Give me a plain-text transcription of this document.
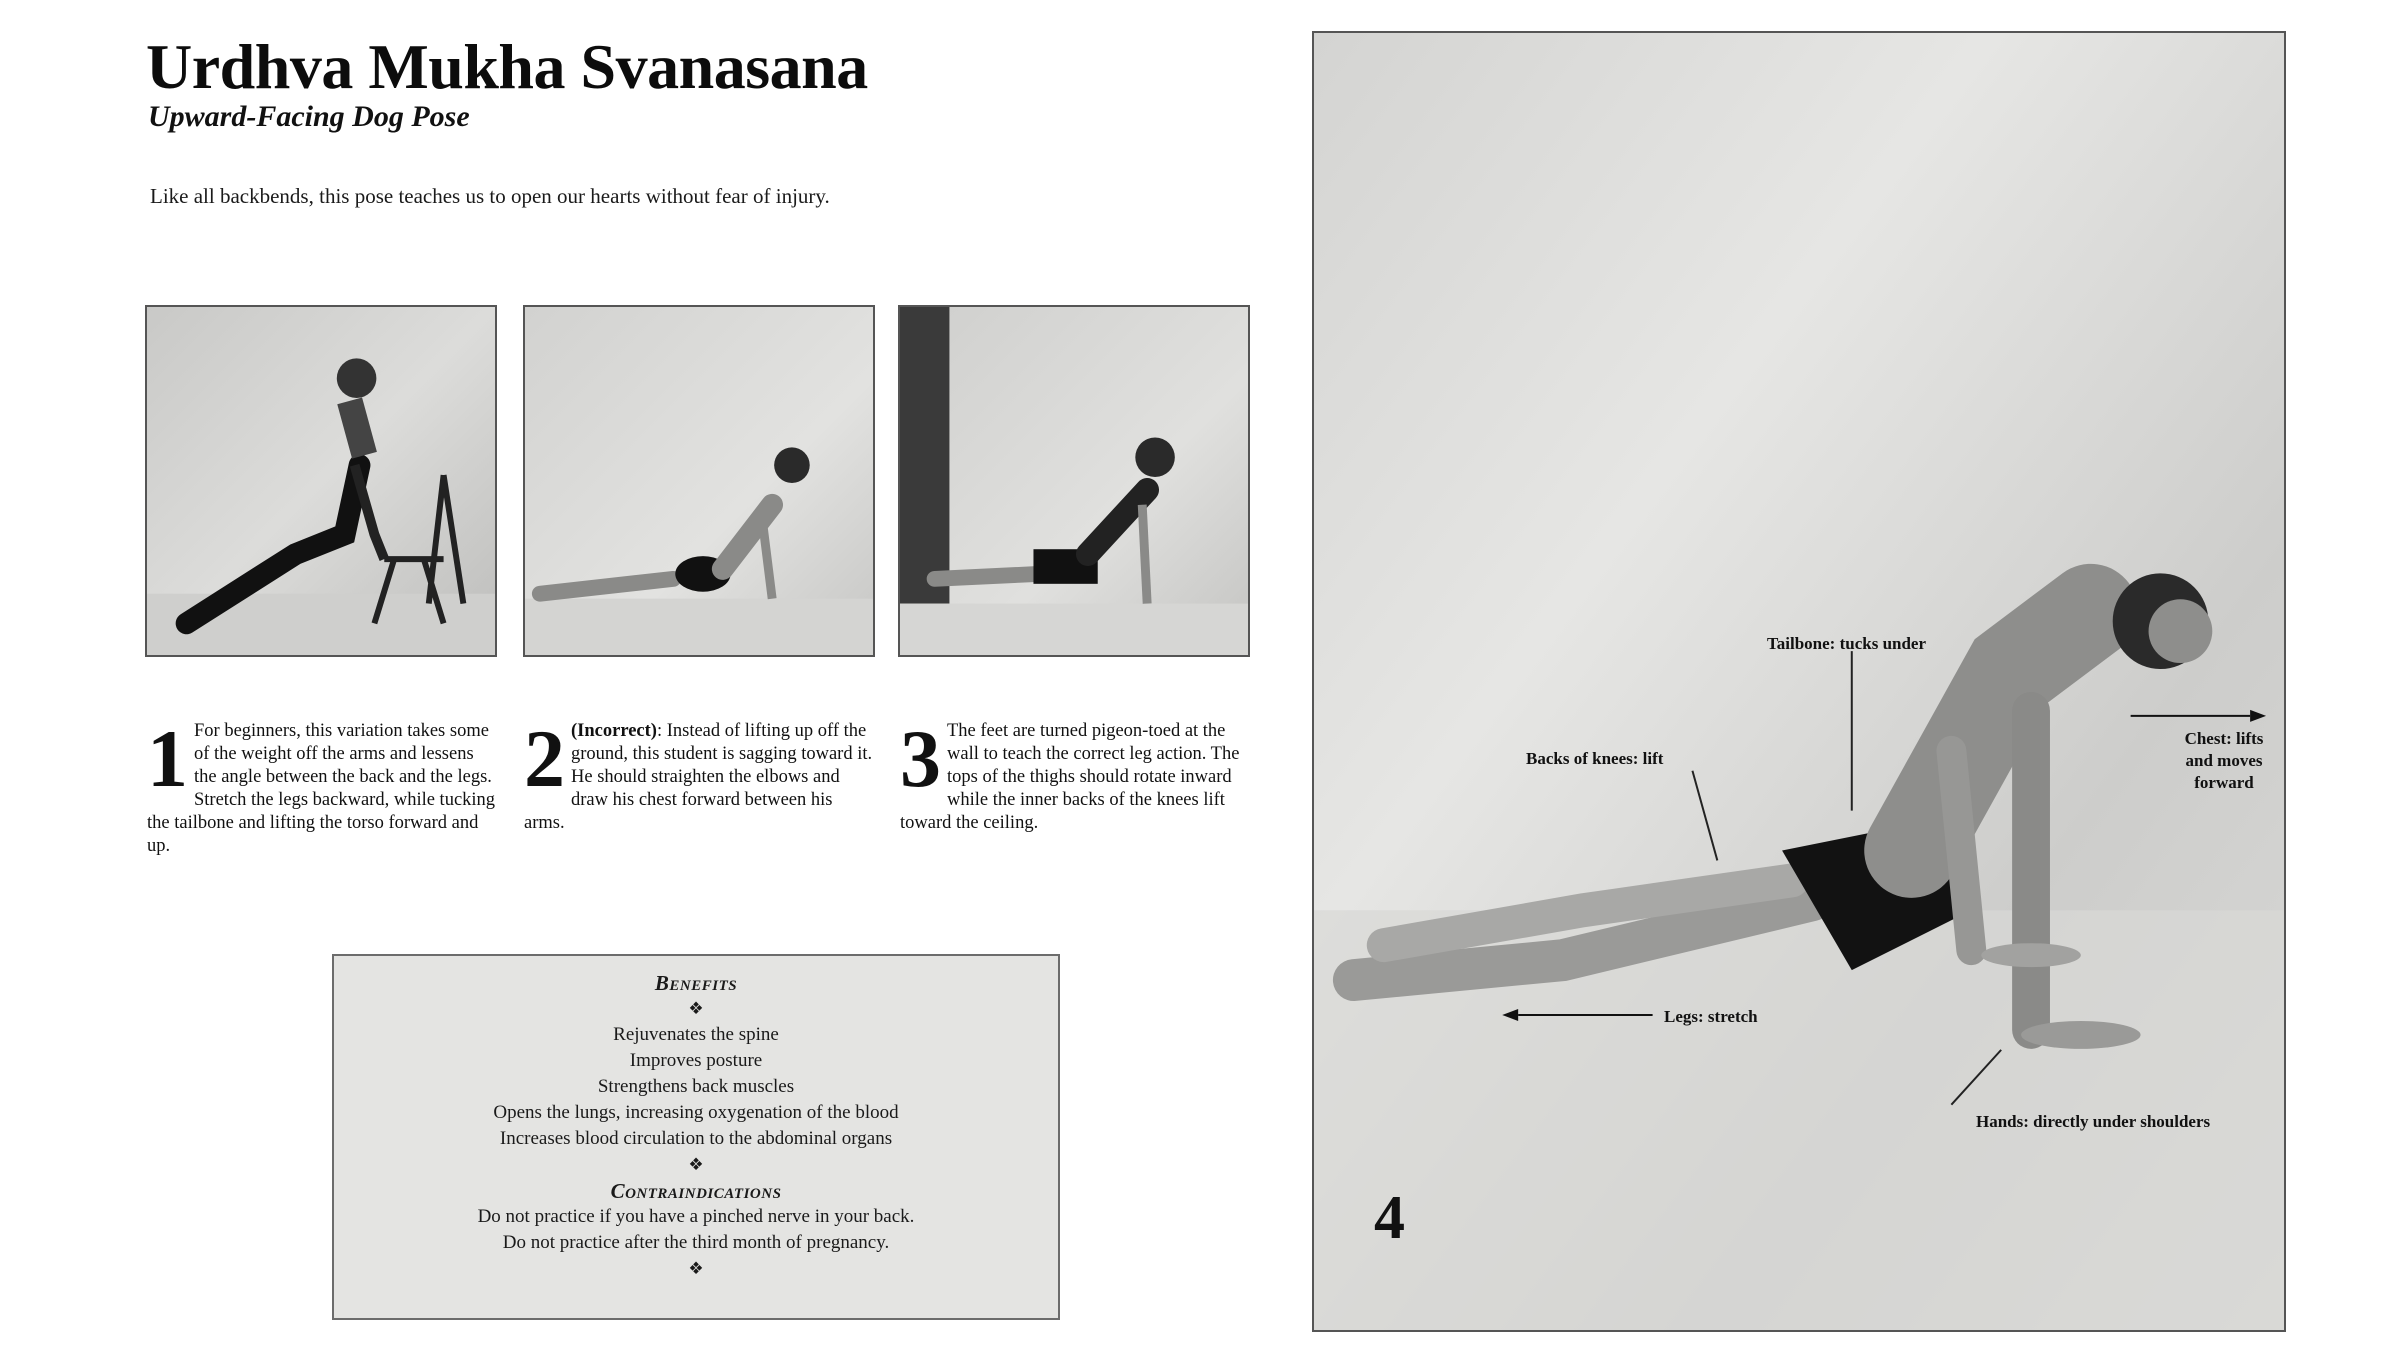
Urdhva Mukha Svanasana
Upward-Facing Dog Pose

Like all backbends, this pose teaches us to open our hearts without fear of injury.

1 For beginners, this variation takes some of the weight off the arms and lessens the angle between the back and the legs. Stretch the legs backward, while tucking the tailbone and lifting the torso forward and up.
2 (Incorrect): Instead of lifting up off the ground, this student is sagging toward it. He should straighten the elbows and draw his chest forward between his arms.
3 The feet are turned pigeon-toed at the wall to teach the correct leg action. The tops of the thighs should rotate inward while the inner backs of the knees lift toward the ceiling.
Benefits
❖
Rejuvenates the spine
Improves posture
Strengthens back muscles
Opens the lungs, increasing oxygenation of the blood
Increases blood circulation to the abdominal organs
❖
Contraindications
Do not practice if you have a pinched nerve in your back.
Do not practice after the third month of pregnancy.
❖
Tailbone: tucks under
Backs of knees: lift
Chest: lifts and moves forward
Legs: stretch
Hands: directly under shoulders
4
